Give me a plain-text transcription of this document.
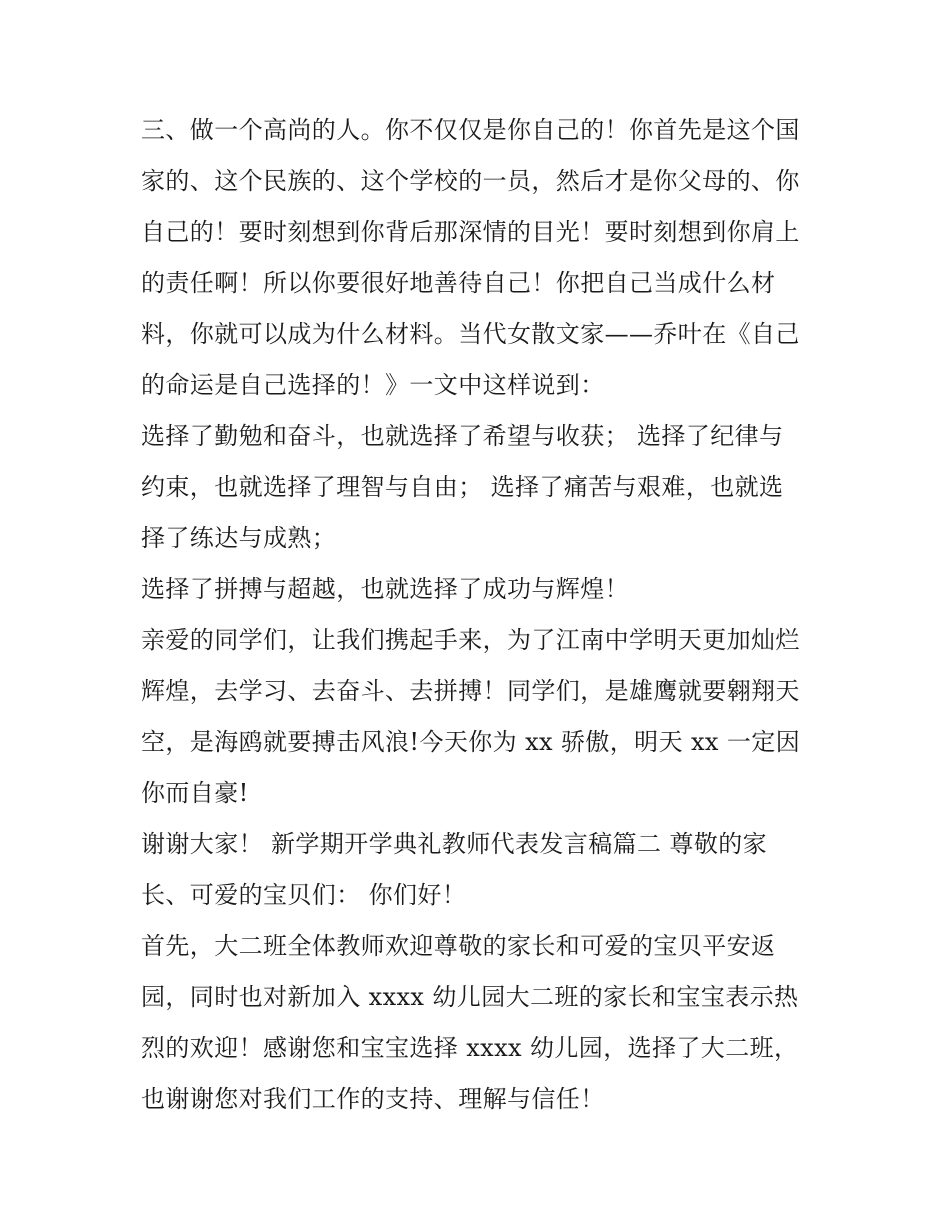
三、做一个高尚的人。你不仅仅是你自己的！你首先是这个国
家的、这个民族的、这个学校的一员，然后才是你父母的、你
自己的！要时刻想到你背后那深情的目光！要时刻想到你肩上
的责任啊！所以你要很好地善待自己！你把自己当成什么材
料，你就可以成为什么材料。当代女散文家——乔叶在《自己
的命运是自己选择的！》一文中这样说到：
选择了勤勉和奋斗，也就选择了希望与收获； 选择了纪律与
约束，也就选择了理智与自由； 选择了痛苦与艰难，也就选
择了练达与成熟；
选择了拼搏与超越，也就选择了成功与辉煌！
亲爱的同学们，让我们携起手来，为了江南中学明天更加灿烂
辉煌，去学习、去奋斗、去拼搏！同学们，是雄鹰就要翱翔天
空，是海鸥就要搏击风浪!今天你为 xx 骄傲，明天 xx 一定因
你而自豪!
谢谢大家！ 新学期开学典礼教师代表发言稿篇二 尊敬的家
长、可爱的宝贝们： 你们好！
首先，大二班全体教师欢迎尊敬的家长和可爱的宝贝平安返
园，同时也对新加入 xxxx 幼儿园大二班的家长和宝宝表示热
烈的欢迎！感谢您和宝宝选择 xxxx 幼儿园，选择了大二班，
也谢谢您对我们工作的支持、理解与信任！
